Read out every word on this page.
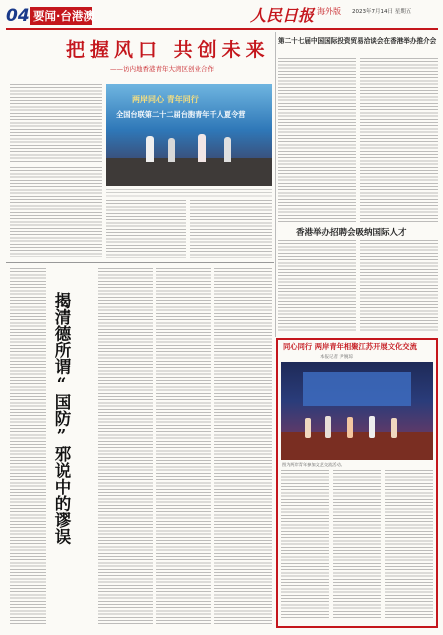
04 要闻·台港澳	人民日报 海外版 2023年7月14日 星期五
把握风口 共创未来
——访内地香港青年大湾区创业合作
两岸同心 青年同行
全国台联第二十二届台胞青年千人夏令营
第二十七届中国国际投资贸易洽谈会在香港举办推介会
香港举办招聘会吸纳国际人才
揭清德所谓“国防”邪说中的谬误	同心同行 两岸青年相聚江苏开展文化交流
本报记者 尹婉琼
图为两岸青年参加文艺交流活动。
